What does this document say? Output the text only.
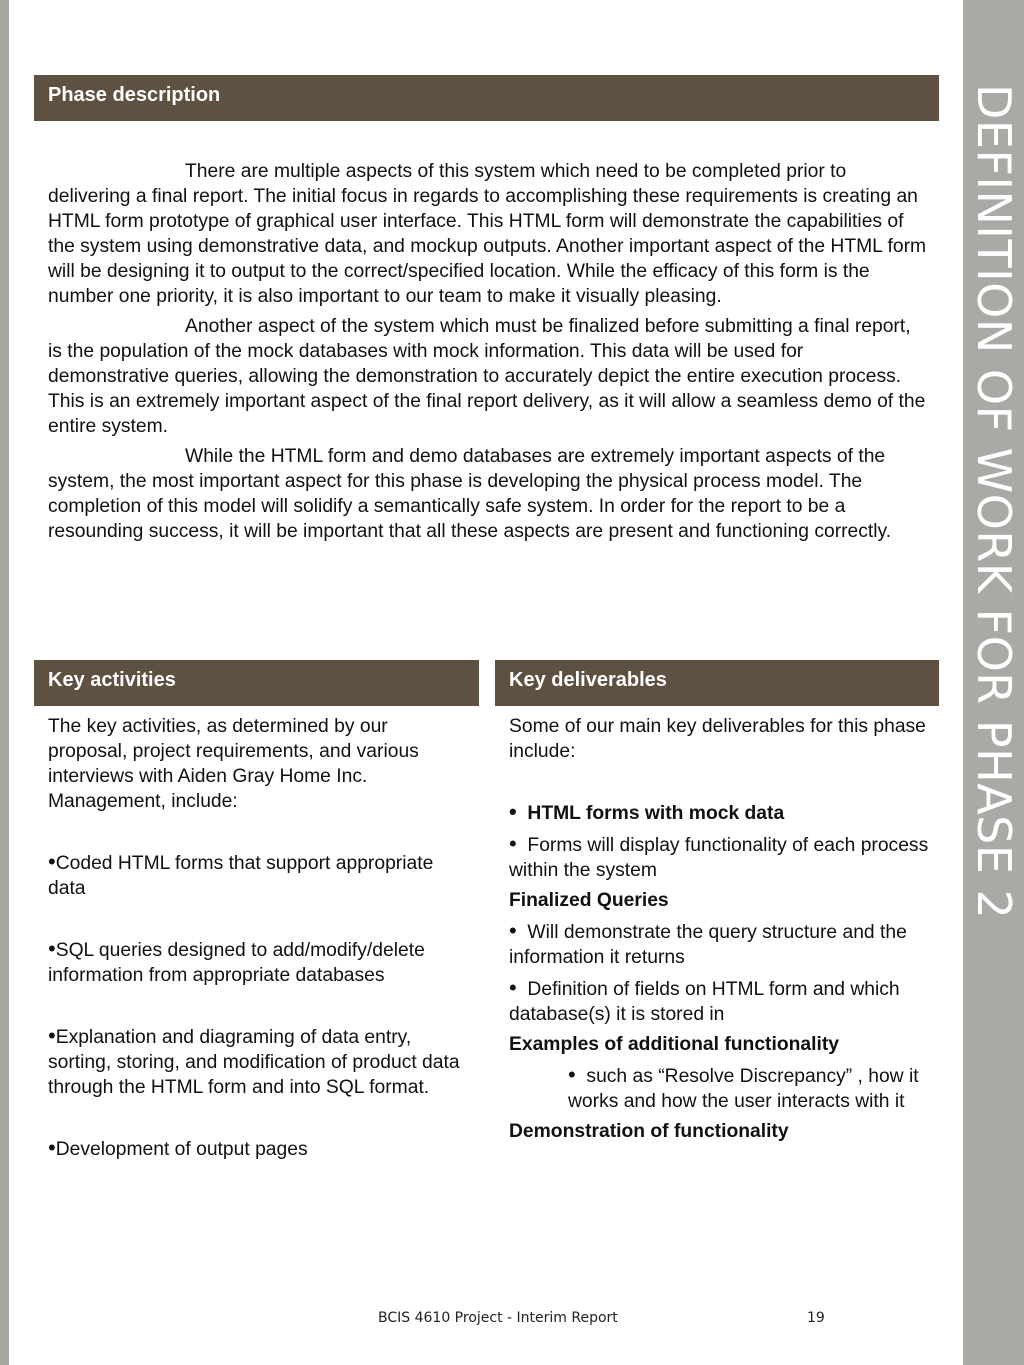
DEFINITION OF WORK FOR PHASE 2
Phase description

There are multiple aspects of this system which need to be completed prior to delivering a final report. The initial focus in regards to accomplishing these requirements is creating an HTML form prototype of graphical user interface. This HTML form will demonstrate the capabilities of the system using demonstrative data, and mockup outputs. Another important aspect of the HTML form will be designing it to output to the correct/specified location. While the efficacy of this form is the number one priority, it is also important to our team to make it visually pleasing.

Another aspect of the system which must be finalized before submitting a final report, is the population of the mock databases with mock information. This data will be used for demonstrative queries, allowing the demonstration to accurately depict the entire execution process. This is an extremely important aspect of the final report delivery, as it will allow a seamless demo of the entire system.

While the HTML form and demo databases are extremely important aspects of the system, the most important aspect for this phase is developing the physical process model. The completion of this model will solidify a semantically safe system. In order for the report to be a resounding success, it will be important that all these aspects are present and functioning correctly.

Key activities	Key deliverables

The key activities, as determined by our proposal, project requirements, and various interviews with Aiden Gray Home Inc. Management, include:

•Coded HTML forms that support appropriate data

•SQL queries designed to add/modify/delete information from appropriate databases

•Explanation and diagraming of data entry, sorting, storing, and modification of product data through the HTML form and into SQL format.

•Development of output pages

Some of our main key deliverables for this phase include:

• HTML forms with mock data

• Forms will display functionality of each process within the system

Finalized Queries

• Will demonstrate the query structure and the information it returns

• Definition of fields on HTML form and which database(s) it is stored in

Examples of additional functionality

• such as “Resolve Discrepancy” , how it works and how the user interacts with it

Demonstration of functionality

BCIS 4610 Project - Interim Report	19
